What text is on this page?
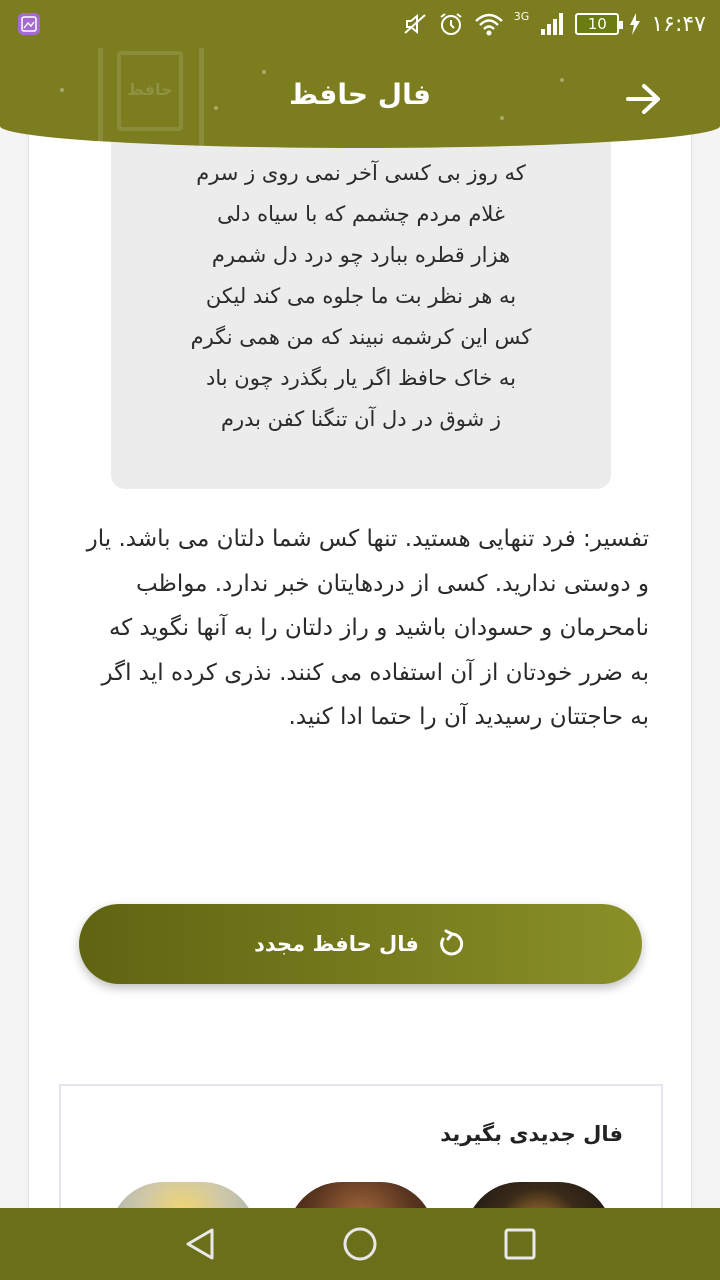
3G	10 ۱۶:۴۷
حافظ	فال حافظ
که روز بی کسی آخر نمی روی ز سرم
غلام مردم چشمم که با سیاه دلی
هزار قطره ببارد چو درد دل شمرم
به هر نظر بت ما جلوه می کند لیکن
کس این کرشمه نبیند که من همی نگرم
به خاک حافظ اگر یار بگذرد چون باد
ز شوق در دل آن تنگنا کفن بدرم
تفسیر: فرد تنهایی هستید. تنها کس شما دلتان می باشد. یار و دوستی ندارید. کسی از دردهایتان خبر ندارد. مواظب نامحرمان و حسودان باشید و راز دلتان را به آنها نگوید که به ضرر خودتان از آن استفاده می کنند. نذری کرده اید اگر به حاجتتان رسیدید آن را حتما ادا کنید.
فال حافظ مجدد
فال جدیدی بگیرید
